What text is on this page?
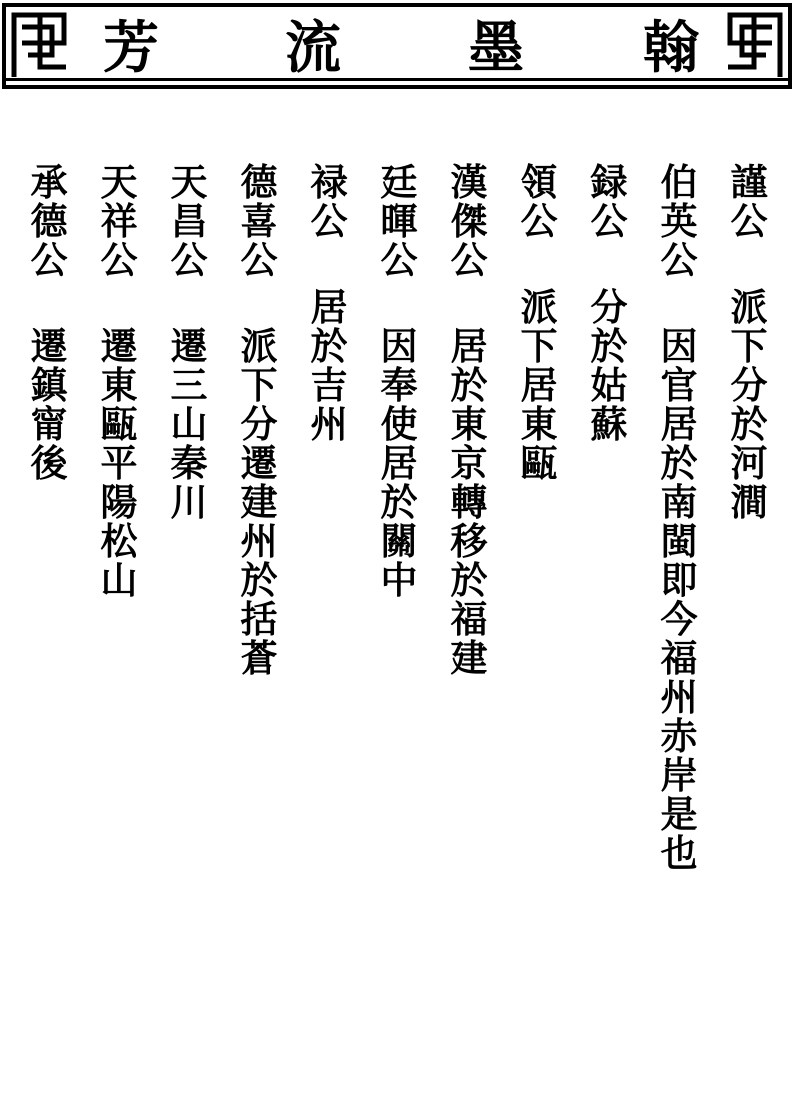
芳 流 墨 翰
謹公
派下分於河澗
伯英公
因官居於南閩即今福州赤岸是也
録公
分於姑蘇
領公
派下居東甌
漢傑公
居於東京轉移於福建
廷暉公
因奉使居於關中
禄公
居於吉州
德喜公
派下分遷建州於括蒼
天昌公
遷三山秦川
天祥公
遷東甌平陽松山
承德公
遷鎮甯後
